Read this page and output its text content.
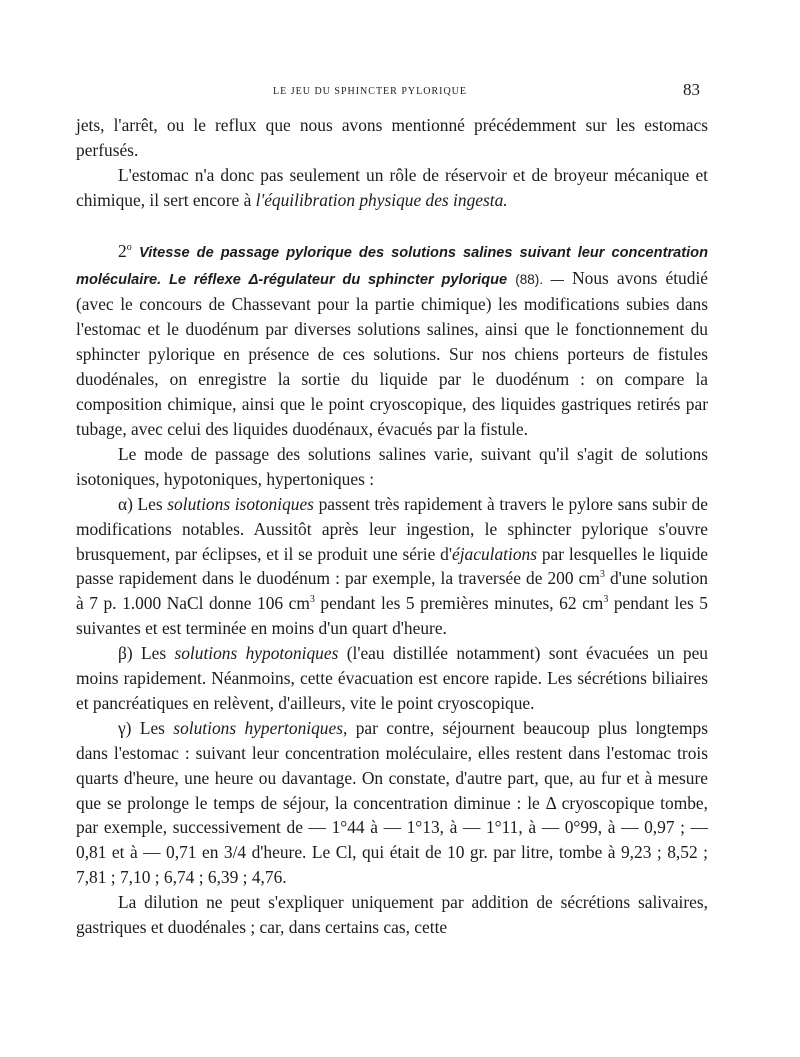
LE JEU DU SPHINCTER PYLORIQUE	83

jets, l'arrêt, ou le reflux que nous avons mentionné précédemment sur les estomacs perfusés.

L'estomac n'a donc pas seulement un rôle de réservoir et de broyeur mécanique et chimique, il sert encore à l'équilibration physique des ingesta.

2$^o$ Vitesse de passage pylorique des solutions salines suivant leur concentration moléculaire. Le réflexe Δ-régulateur du sphincter pylorique (88). — Nous avons étudié (avec le concours de Chassevant pour la partie chimique) les modifications subies dans l'estomac et le duodénum par diverses solutions salines, ainsi que le fonctionnement du sphincter pylorique en présence de ces solutions. Sur nos chiens porteurs de fistules duodénales, on enregistre la sortie du liquide par le duodénum : on compare la composition chimique, ainsi que le point cryoscopique, des liquides gastriques retirés par tubage, avec celui des liquides duodénaux, évacués par la fistule.

Le mode de passage des solutions salines varie, suivant qu'il s'agit de solutions isotoniques, hypotoniques, hypertoniques :

α) Les solutions isotoniques passent très rapidement à travers le pylore sans subir de modifications notables. Aussitôt après leur ingestion, le sphincter pylorique s'ouvre brusquement, par éclipses, et il se produit une série d'éjaculations par lesquelles le liquide passe rapidement dans le duodénum : par exemple, la traversée de 200 $cm^3$ d'une solution à 7 p. 1.000 NaCl donne 106 $cm^3$ pendant les 5 premières minutes, 62 $cm^3$ pendant les 5 suivantes et est terminée en moins d'un quart d'heure.

β) Les solutions hypotoniques (l'eau distillée notamment) sont évacuées un peu moins rapidement. Néanmoins, cette évacuation est encore rapide. Les sécrétions biliaires et pancréatiques en relèvent, d'ailleurs, vite le point cryoscopique.

γ) Les solutions hypertoniques, par contre, séjournent beaucoup plus longtemps dans l'estomac : suivant leur concentration moléculaire, elles restent dans l'estomac trois quarts d'heure, une heure ou davantage. On constate, d'autre part, que, au fur et à mesure que se prolonge le temps de séjour, la concentration diminue : le Δ cryoscopique tombe, par exemple, successivement de — 1°44 à — 1°13, à — 1°11, à — 0°99, à — 0,97 ; — 0,81 et à — 0,71 en 3/4 d'heure. Le Cl, qui était de 10 gr. par litre, tombe à 9,23 ; 8,52 ; 7,81 ; 7,10 ; 6,74 ; 6,39 ; 4,76.

La dilution ne peut s'expliquer uniquement par addition de sécrétions salivaires, gastriques et duodénales ; car, dans certains cas, cette
